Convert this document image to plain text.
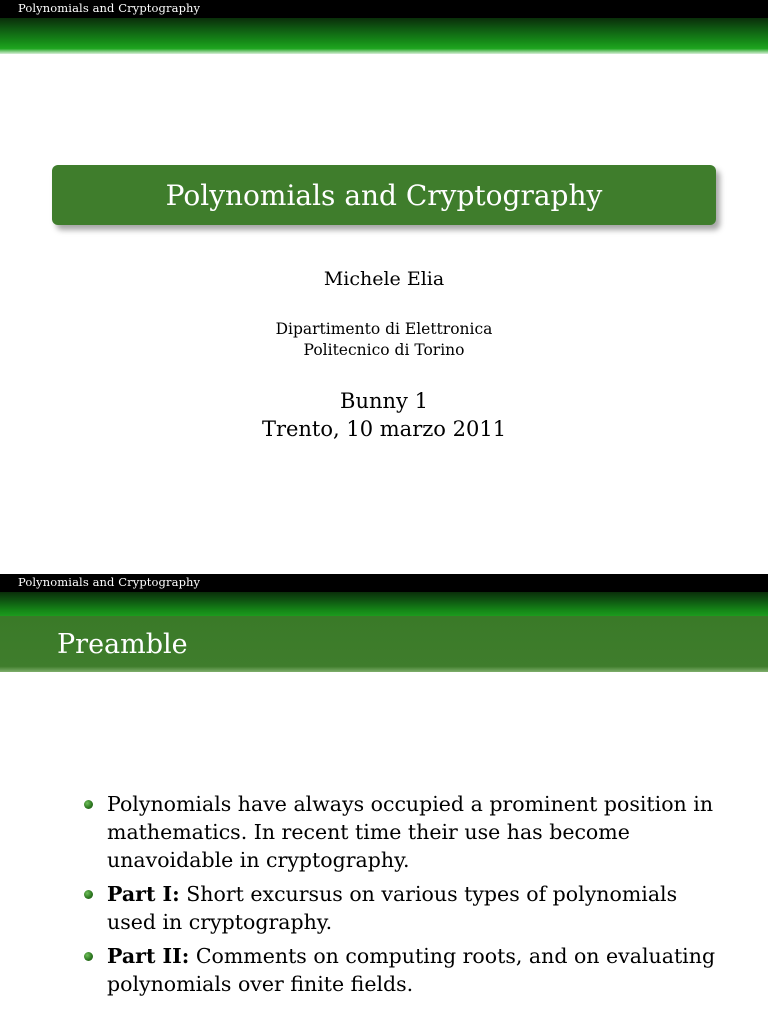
Polynomials and Cryptography
Polynomials and Cryptography
Michele Elia
Dipartimento di Elettronica
Politecnico di Torino
Bunny 1
Trento, 10 marzo 2011
Polynomials and Cryptography
Preamble
Polynomials have always occupied a prominent position in mathematics. In recent time their use has become unavoidable in cryptography.
Part I: Short excursus on various types of polynomials used in cryptography.
Part II: Comments on computing roots, and on evaluating polynomials over finite fields.
